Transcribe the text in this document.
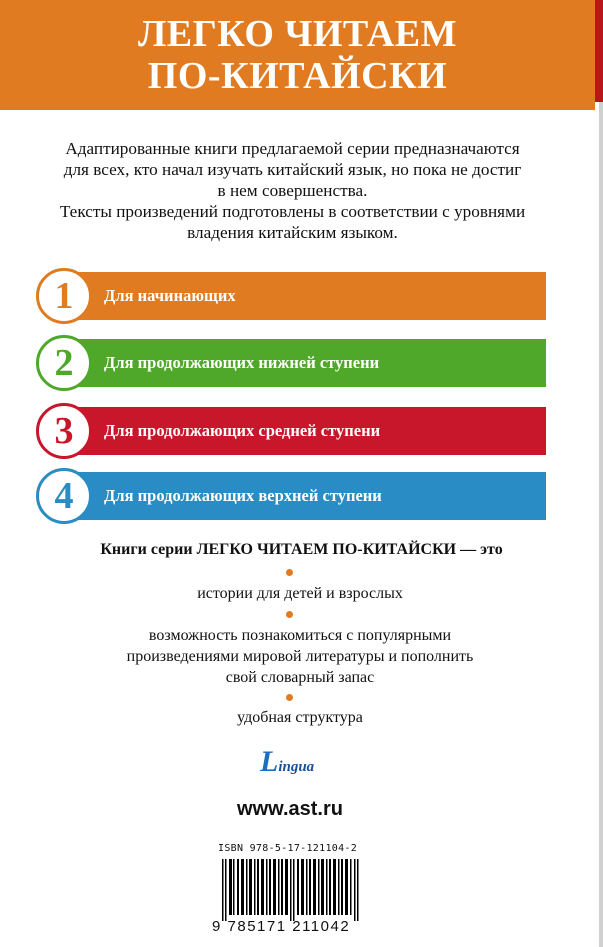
ЛЕГКО ЧИТАЕМ
ПО-КИТАЙСКИ

Адаптированные книги предлагаемой серии предназначаются

для всех, кто начал изучать китайский язык, но пока не достиг

в нем совершенства.

Тексты произведений подготовлены в соответствии с уровнями

владения китайским языком.

1	Для начинающих
2	Для продолжающих нижней ступени
3	Для продолжающих средней ступени
4	Для продолжающих верхней ступени
Книги серии ЛЕГКО ЧИТАЕМ ПО-КИТАЙСКИ — это
истории для детей и взрослых
возможность познакомиться с популярными
произведениями мировой литературы и пополнить
свой словарный запас
удобная структура
Lingua
www.ast.ru
ISBN 978-5-17-121104-2
9 785171 211042
